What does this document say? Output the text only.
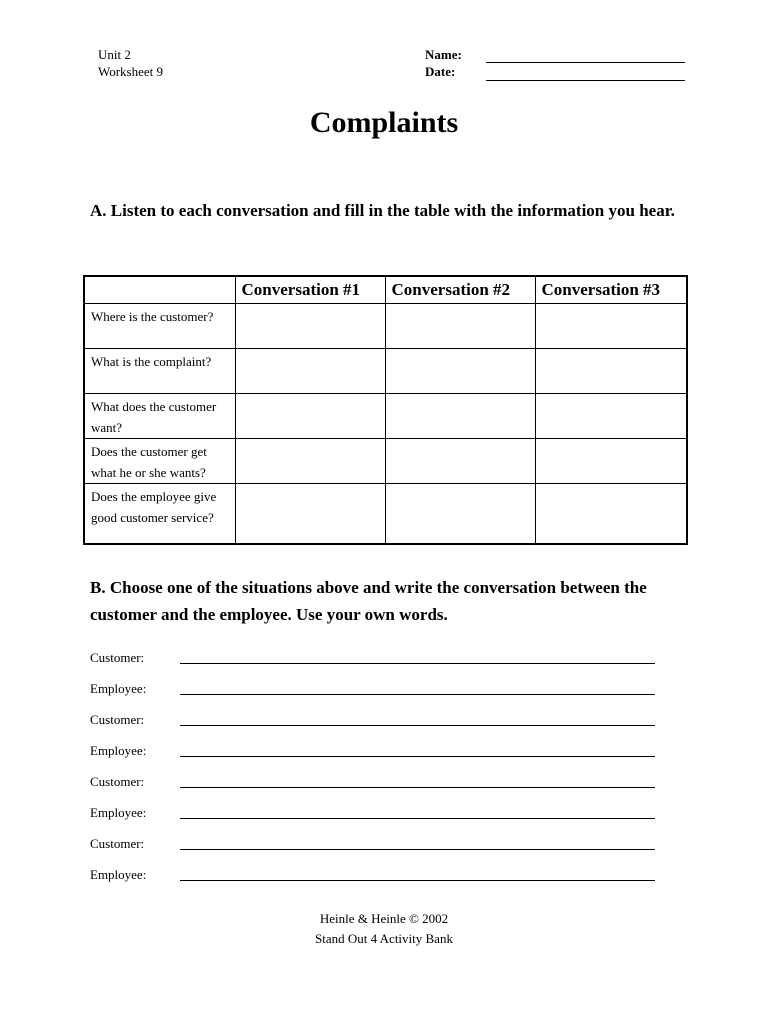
Unit 2
Worksheet 9
Name:
Date:
Complaints
A. Listen to each conversation and fill in the table with the information you hear.
	Conversation #1	Conversation #2	Conversation #3
Where is the customer?			
What is the complaint?			
What does the customer want?			
Does the customer get what he or she wants?			
Does the employee give good customer service?			
B. Choose one of the situations above and write the conversation between the customer and the employee. Use your own words.
Customer:
Employee:
Customer:
Employee:
Customer:
Employee:
Customer:
Employee:
Heinle & Heinle © 2002
Stand Out 4 Activity Bank
